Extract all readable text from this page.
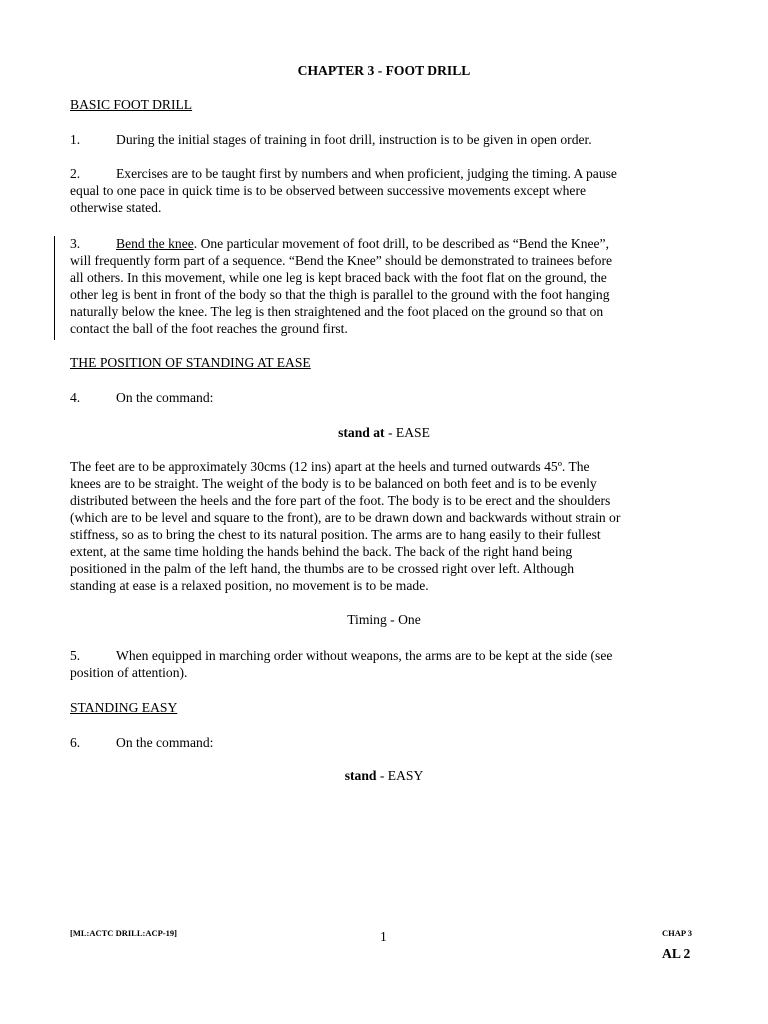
CHAPTER 3 - FOOT DRILL
BASIC FOOT DRILL
1.	During the initial stages of training in foot drill, instruction is to be given in open order.
2.	Exercises are to be taught first by numbers and when proficient, judging the timing. A pause
equal to one pace in quick time is to be observed between successive movements except where
otherwise stated.
3.	Bend the knee. One particular movement of foot drill, to be described as “Bend the Knee”,
will frequently form part of a sequence. “Bend the Knee” should be demonstrated to trainees before
all others. In this movement, while one leg is kept braced back with the foot flat on the ground, the
other leg is bent in front of the body so that the thigh is parallel to the ground with the foot hanging
naturally below the knee. The leg is then straightened and the foot placed on the ground so that on
contact the ball of the foot reaches the ground first.
THE POSITION OF STANDING AT EASE
4.	On the command:
stand at - EASE
The feet are to be approximately 30cms (12 ins) apart at the heels and turned outwards 45º. The
knees are to be straight. The weight of the body is to be balanced on both feet and is to be evenly
distributed between the heels and the fore part of the foot. The body is to be erect and the shoulders
(which are to be level and square to the front), are to be drawn down and backwards without strain or
stiffness, so as to bring the chest to its natural position. The arms are to hang easily to their fullest
extent, at the same time holding the hands behind the back. The back of the right hand being
positioned in the palm of the left hand, the thumbs are to be crossed right over left. Although
standing at ease is a relaxed position, no movement is to be made.
Timing - One
5.	When equipped in marching order without weapons, the arms are to be kept at the side (see
position of attention).
STANDING EASY
6.	On the command:
stand - EASY
[ML:ACTC DRILL:ACP-19]	1	CHAP 3
AL 2
